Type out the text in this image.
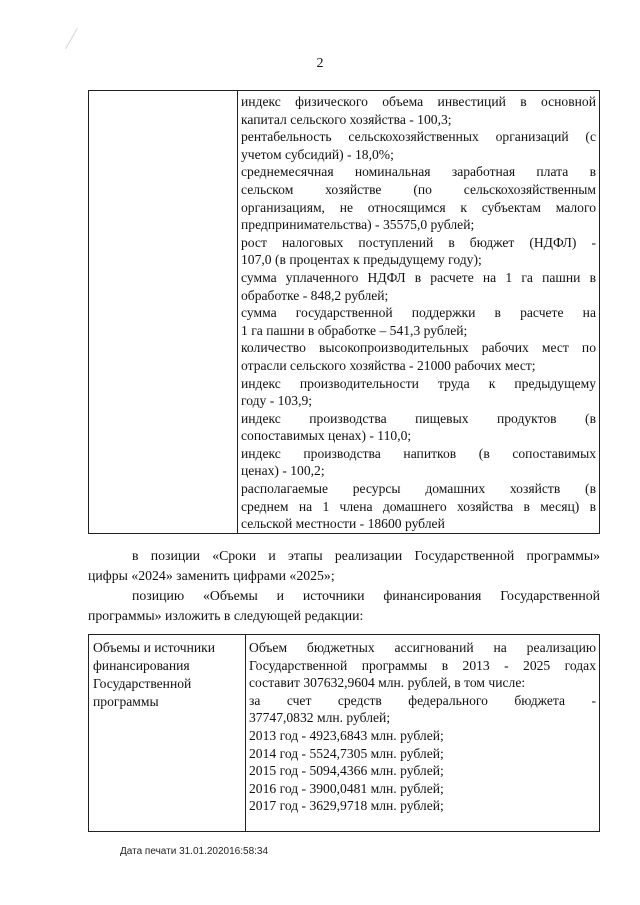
2

индекс физического объема инвестиций в основной
капитал сельского хозяйства - 100,3;
рентабельность сельскохозяйственных организаций (с
учетом субсидий) - 18,0%;
среднемесячная номинальная заработная плата в
сельском хозяйстве (по сельскохозяйственным
организациям, не относящимся к субъектам малого
предпринимательства) - 35575,0 рублей;
рост налоговых поступлений в бюджет (НДФЛ) -
107,0 (в процентах к предыдущему году);
сумма уплаченного НДФЛ в расчете на 1 га пашни в
обработке - 848,2 рублей;
сумма государственной поддержки в расчете на
1 га пашни в обработке – 541,3 рублей;
количество высокопроизводительных рабочих мест по
отрасли сельского хозяйства - 21000 рабочих мест;
индекс производительности труда к предыдущему
году - 103,9;
индекс производства пищевых продуктов (в
сопоставимых ценах) - 110,0;
индекс производства напитков (в сопоставимых
ценах) - 100,2;
располагаемые ресурсы домашних хозяйств (в
среднем на 1 члена домашнего хозяйства в месяц) в
сельской местности - 18600 рублей
в позиции «Сроки и этапы реализации Государственной программы»
цифры «2024» заменить цифрами «2025»;
позицию «Объемы и источники финансирования Государственной
программы» изложить в следующей редакции:
Объемы и источники
финансирования
Государственной
программы

Объем бюджетных ассигнований на реализацию
Государственной программы в 2013 - 2025 годах
составит 307632,9604 млн. рублей, в том числе:
за счет средств федерального бюджета -
37747,0832 млн. рублей;
2013 год - 4923,6843 млн. рублей;
2014 год - 5524,7305 млн. рублей;
2015 год - 5094,4366 млн. рублей;
2016 год - 3900,0481 млн. рублей;
2017 год - 3629,9718 млн. рублей;
Дата печати 31.01.202016:58:34
